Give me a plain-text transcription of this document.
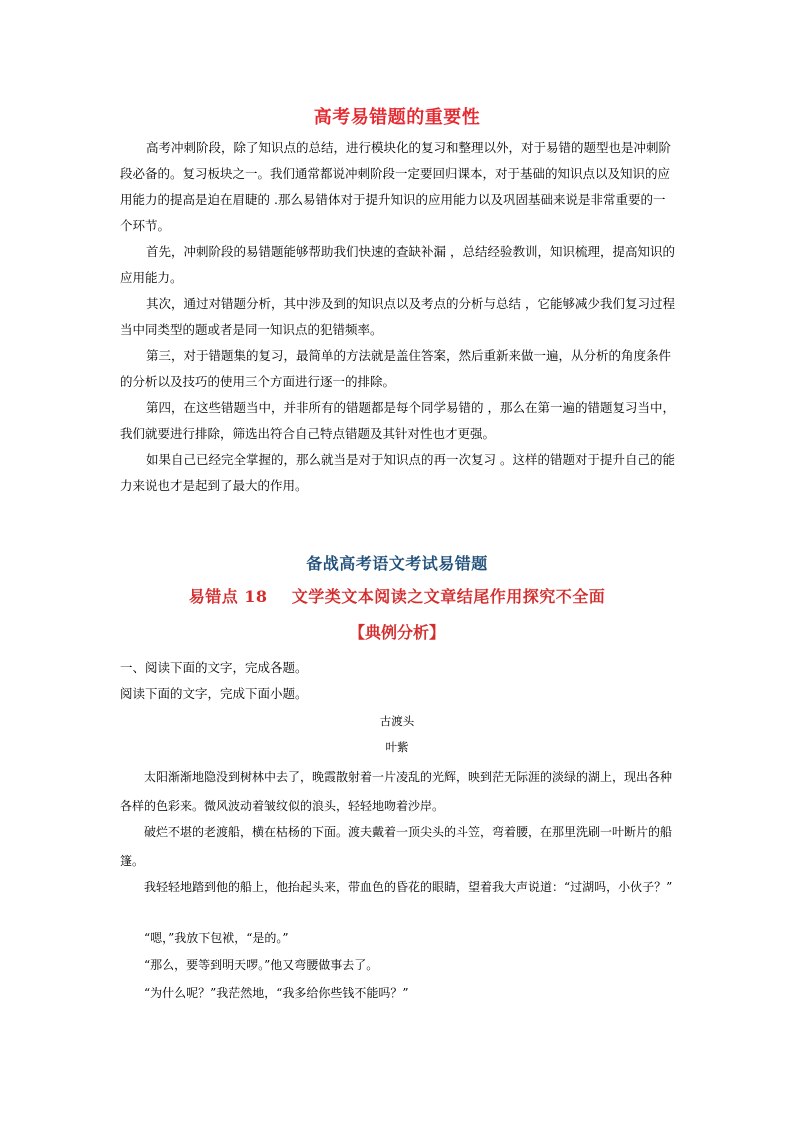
高考易错题的重要性

高考冲刺阶段，除了知识点的总结，进行模块化的复习和整理以外，对于易错的题型也是冲刺阶段必备的。复习板块之一。我们通常都说冲刺阶段一定要回归课本，对于基础的知识点以及知识的应用能力的提高是迫在眉睫的 .那么易错体对于提升知识的应用能力以及巩固基础来说是非常重要的一个环节。

首先，冲刺阶段的易错题能够帮助我们快速的查缺补漏 ，总结经验教训，知识梳理，提高知识的应用能力。

其次，通过对错题分析，其中涉及到的知识点以及考点的分析与总结 ，它能够减少我们复习过程当中同类型的题或者是同一知识点的犯错频率。

第三，对于错题集的复习，最简单的方法就是盖住答案，然后重新来做一遍，从分析的角度条件的分析以及技巧的使用三个方面进行逐一的排除。

第四，在这些错题当中，并非所有的错题都是每个同学易错的 ，那么在第一遍的错题复习当中，我们就要进行排除，筛选出符合自己特点错题及其针对性也才更强。

如果自己已经完全掌握的，那么就当是对于知识点的再一次复习 。这样的错题对于提升自己的能力来说也才是起到了最大的作用。

备战高考语文考试易错题
易错点 18    文学类文本阅读之文章结尾作用探究不全面
【典例分析】
一、阅读下面的文字，完成各题。
阅读下面的文字，完成下面小题。
古渡头
叶紫

太阳渐渐地隐没到树林中去了，晚霞散射着一片凌乱的光辉，映到茫无际涯的淡绿的湖上，现出各种各样的色彩来。微风波动着皱纹似的浪头，轻轻地吻着沙岸。

破烂不堪的老渡船，横在枯杨的下面。渡夫戴着一顶尖头的斗笠，弯着腰，在那里洗刷一叶断片的船篷。

我轻轻地踏到他的船上，他抬起头来，带血色的昏花的眼睛，望着我大声说道：“过湖吗，小伙子？”

“嗯，”我放下包袱，“是的。”
“那么，要等到明天啰。”他又弯腰做事去了。
“为什么呢？”我茫然地，“我多给你些钱不能吗？”
